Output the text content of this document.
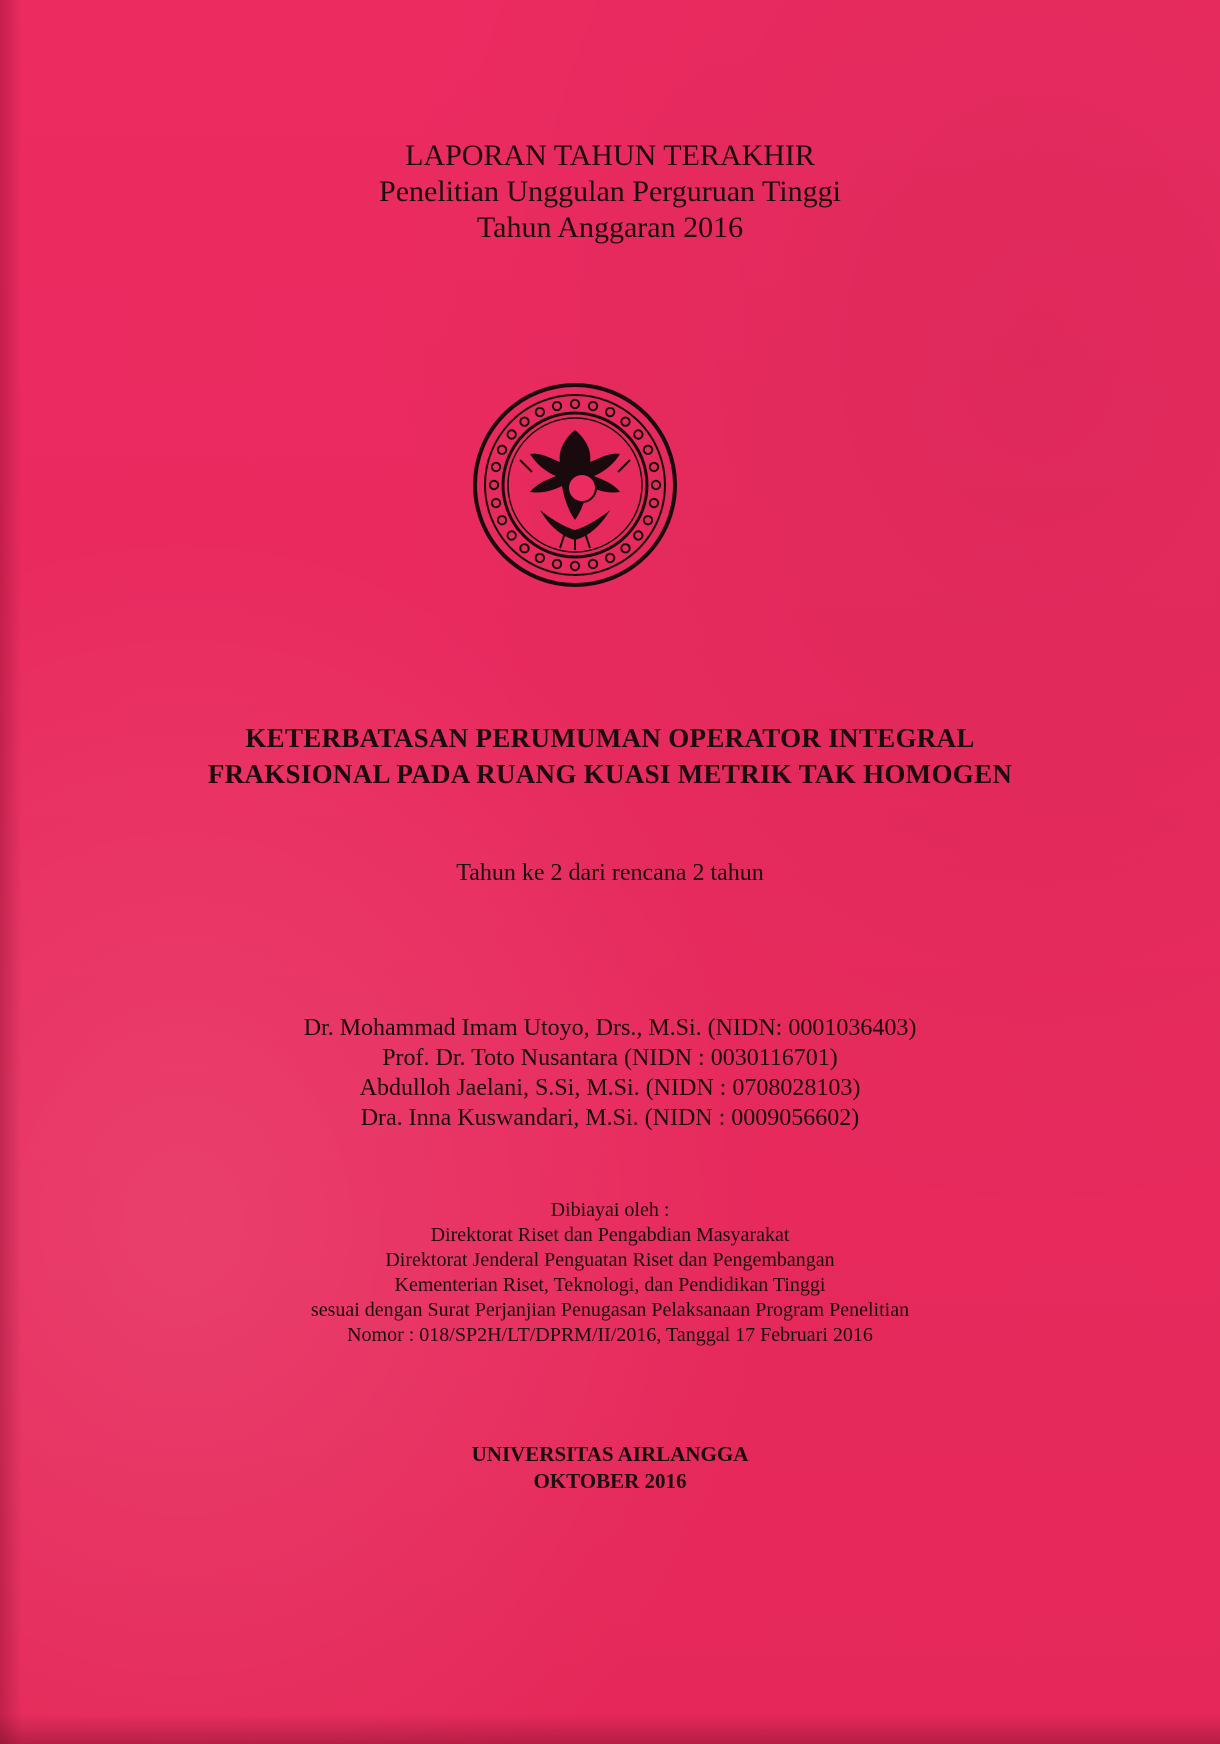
LAPORAN TAHUN TERAKHIR
Penelitian Unggulan Perguruan Tinggi
Tahun Anggaran 2016
KETERBATASAN PERUMUMAN OPERATOR INTEGRAL
FRAKSIONAL PADA RUANG KUASI METRIK TAK HOMOGEN
Tahun ke 2 dari rencana 2 tahun
Dr. Mohammad Imam Utoyo, Drs., M.Si. (NIDN: 0001036403)
Prof. Dr. Toto Nusantara (NIDN : 0030116701)
Abdulloh Jaelani, S.Si, M.Si. (NIDN : 0708028103)
Dra. Inna Kuswandari, M.Si. (NIDN : 0009056602)
Dibiayai oleh :
Direktorat Riset dan Pengabdian Masyarakat
Direktorat Jenderal Penguatan Riset dan Pengembangan
Kementerian Riset, Teknologi, dan Pendidikan Tinggi
sesuai dengan Surat Perjanjian Penugasan Pelaksanaan Program Penelitian
Nomor : 018/SP2H/LT/DPRM/II/2016, Tanggal 17 Februari 2016
UNIVERSITAS AIRLANGGA
OKTOBER 2016
